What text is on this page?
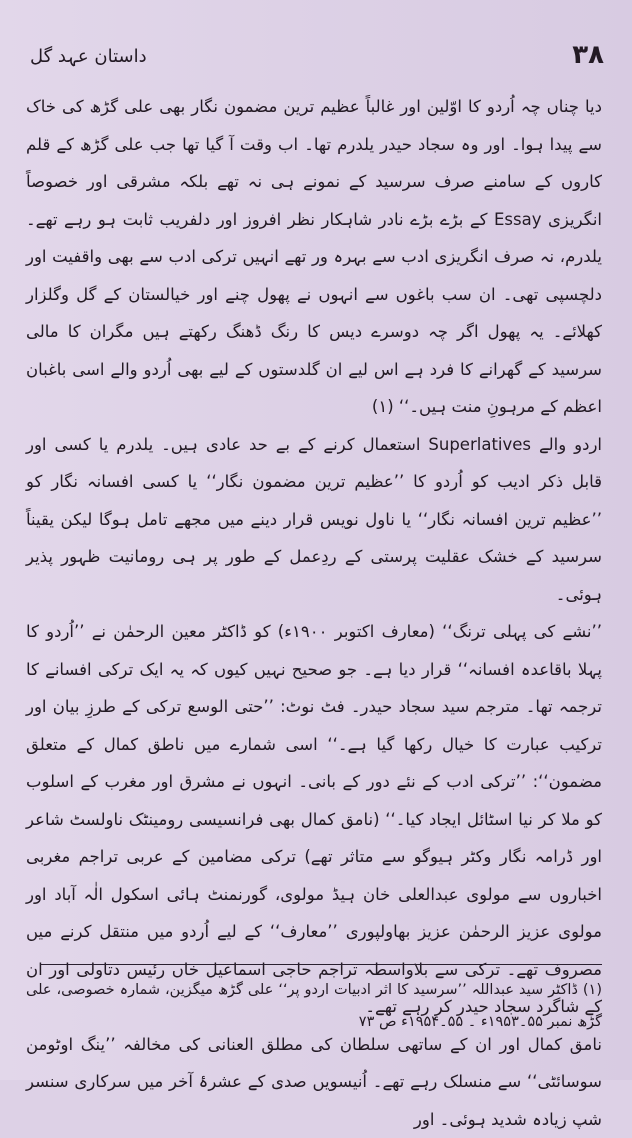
۳۸
داستان عہد گل

دیا چناں چہ اُردو کا اوّلین اور غالباً عظیم ترین مضمون نگار بھی علی گڑھ کی خاک سے پیدا ہوا۔ اور وہ سجاد حیدر یلدرم تھا۔ اب وقت آ گیا تھا جب علی گڑھ کے قلم کاروں کے سامنے صرف سرسید کے نمونے ہی نہ تھے بلکہ مشرقی اور خصوصاً انگریزی Essay کے بڑے بڑے نادر شاہکار نظر افروز اور دلفریب ثابت ہو رہے تھے۔ یلدرم، نہ صرف انگریزی ادب سے بہرہ ور تھے انہیں ترکی ادب سے بھی واقفیت اور دلچسپی تھی۔ ان سب باغوں سے انہوں نے پھول چنے اور خیالستان کے گل وگلزار کھلائے۔ یہ پھول اگر چہ دوسرے دیس کا رنگ ڈھنگ رکھتے ہیں مگران کا مالی سرسید کے گھرانے کا فرد ہے اس لیے ان گلدستوں کے لیے بھی اُردو والے اسی باغبان اعظم کے مرہونِ منت ہیں۔‘‘ (۱)

اردو والے Superlatives استعمال کرنے کے بے حد عادی ہیں۔ یلدرم یا کسی اور قابل ذکر ادیب کو اُردو کا ’’عظیم ترین مضمون نگار‘‘ یا کسی افسانہ نگار کو ’’عظیم ترین افسانہ نگار‘‘ یا ناول نویس قرار دینے میں مجھے تامل ہوگا لیکن یقیناً سرسید کے خشک عقلیت پرستی کے ردِعمل کے طور پر ہی رومانیت ظہور پذیر ہوئی۔

’’نشے کی پہلی ترنگ‘‘ (معارف اکتوبر ۱۹۰۰ء) کو ڈاکٹر معین الرحمٰن نے ’’اُردو کا پہلا باقاعدہ افسانہ‘‘ قرار دیا ہے۔ جو صحیح نہیں کیوں کہ یہ ایک ترکی افسانے کا ترجمہ تھا۔ مترجم سید سجاد حیدر۔ فٹ نوٹ: ’’حتی الوسع ترکی کے طرزِ بیان اور ترکیب عبارت کا خیال رکھا گیا ہے۔‘‘ اسی شمارے میں ناطق کمال کے متعلق مضمون‘‘: ’’ترکی ادب کے نئے دور کے بانی۔ انہوں نے مشرق اور مغرب کے اسلوب کو ملا کر نیا اسٹائل ایجاد کیا۔‘‘ (نامق کمال بھی فرانسیسی رومینٹک ناولسٹ شاعر اور ڈرامہ نگار وکٹر ہیوگو سے متاثر تھے) ترکی مضامین کے عربی تراجم مغربی اخباروں سے مولوی عبدالعلی خان ہیڈ مولوی، گورنمنٹ ہائی اسکول الٰہ آباد اور مولوی عزیز الرحمٰن عزیز بھاولپوری ’’معارف‘‘ کے لیے اُردو میں منتقل کرنے میں مصروف تھے۔ ترکی سے بلاواسطہ تراجم حاجی اسماعیل خاں رئیس دتاولی اور ان کے شاگرد سجاد حیدر کر رہے تھے۔

نامق کمال اور ان کے ساتھی سلطان کی مطلق العنانی کی مخالفہ ’’ینگ اوٹومن سوسائٹی‘‘ سے منسلک رہے تھے۔ اُنیسویں صدی کے عشرۂ آخر میں سرکاری سنسر شپ زیادہ شدید ہوئی۔ اور

(۱) ڈاکٹر سید عبداللہ ’’سرسید کا اثر ادبیات اردو پر‘‘ علی گڑھ میگزین، شمارہ خصوصی، علی گڑھ نمبر ۵۵۔۱۹۵۳ء ۔ ۵۵۔۱۹۵۴ء ص ۷۳
